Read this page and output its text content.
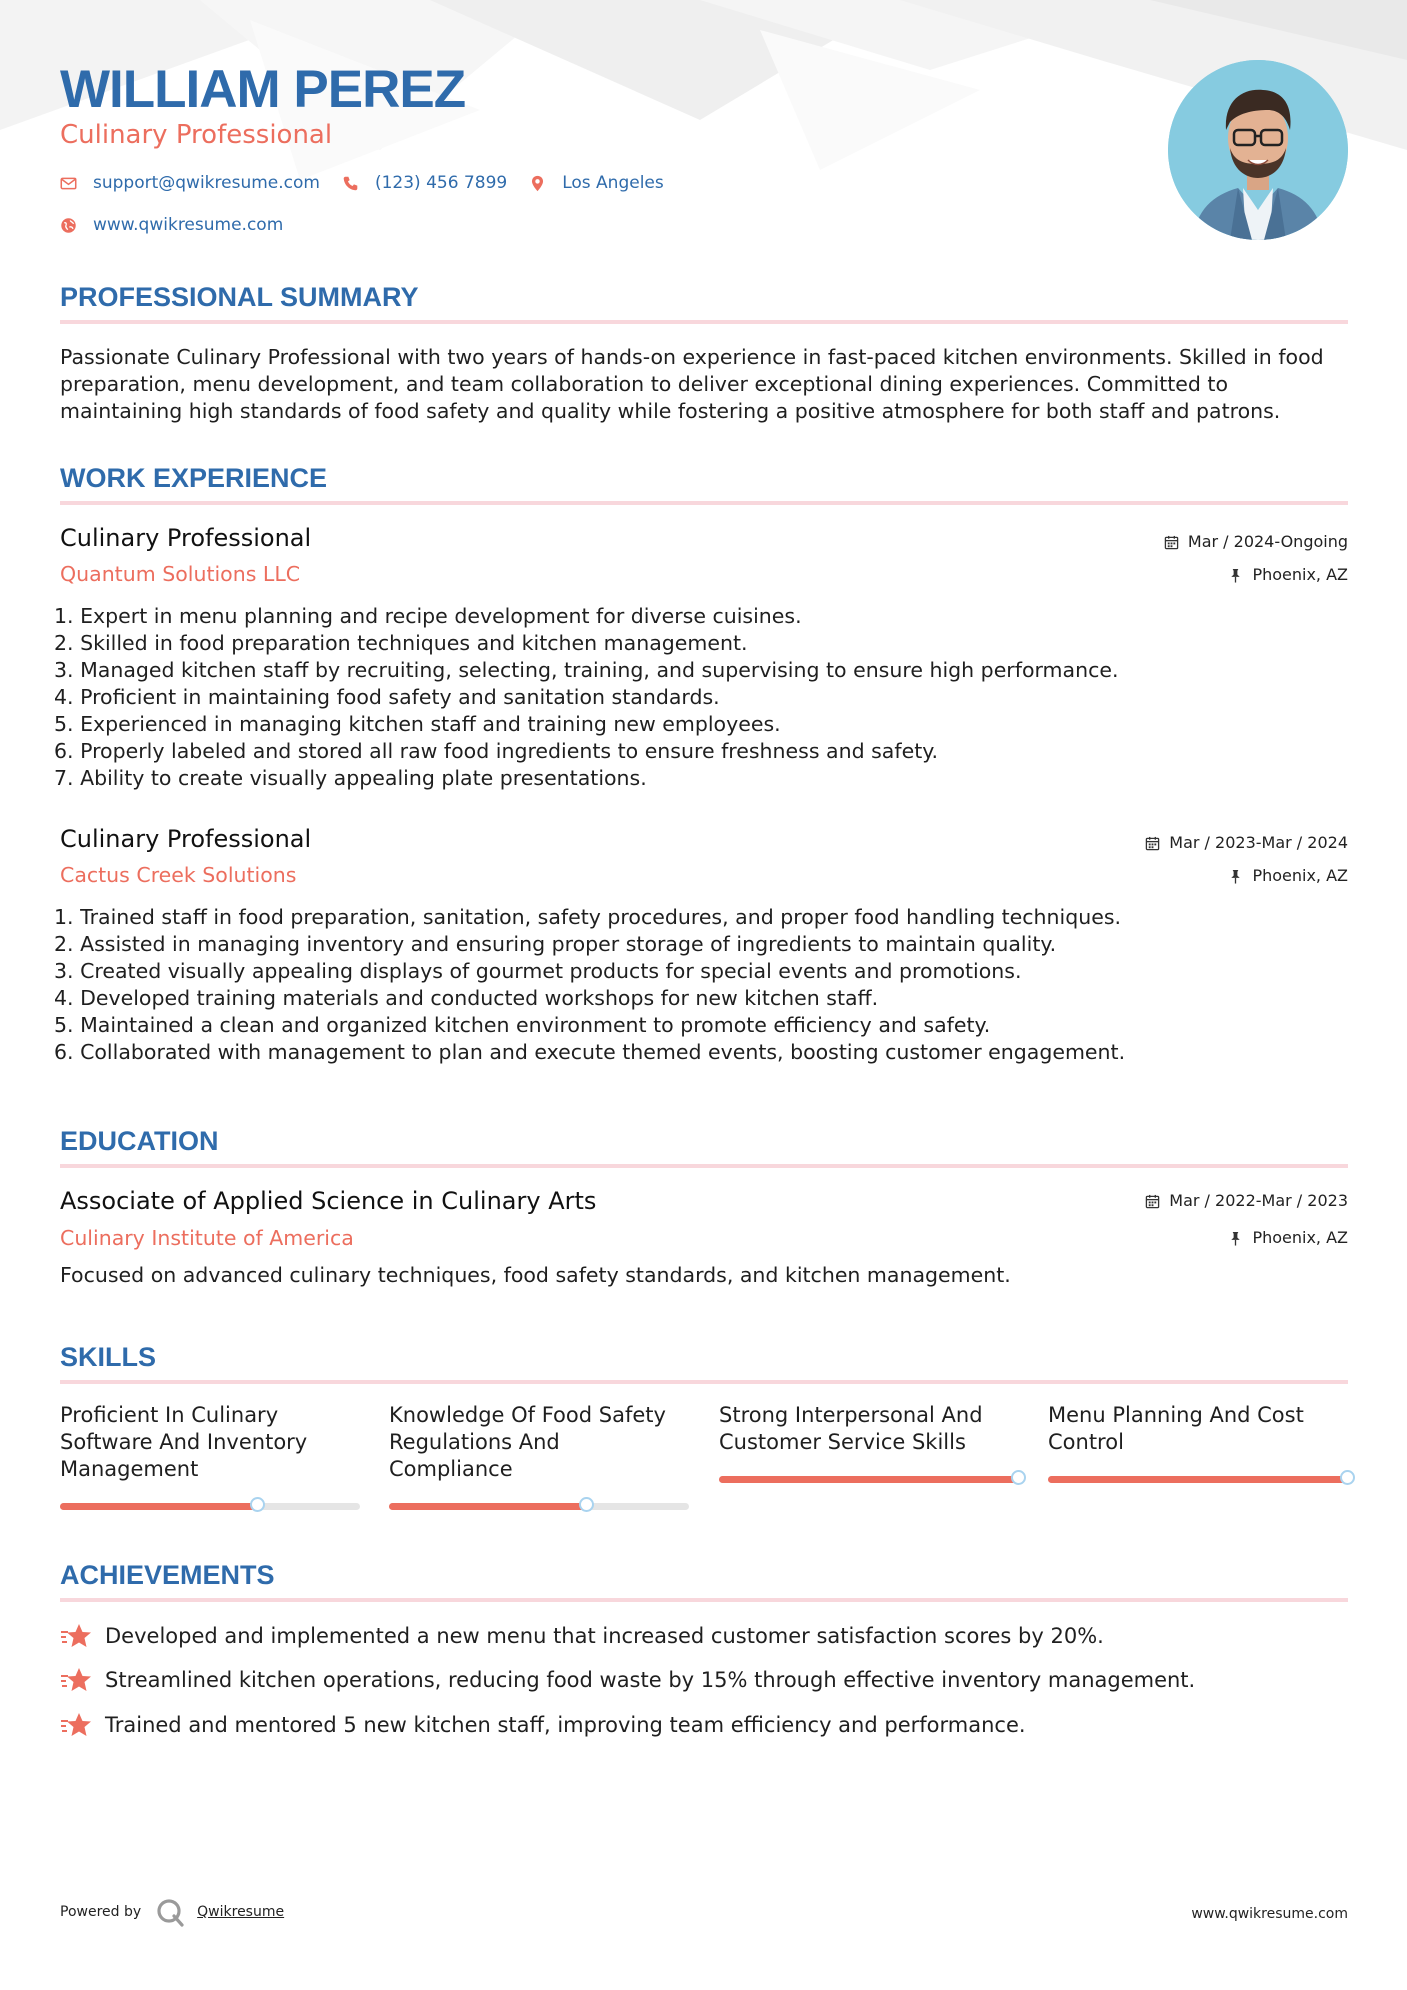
WILLIAM PEREZ
Culinary Professional
support@qwikresume.com	(123) 456 7899	Los Angeles
www.qwikresume.com
PROFESSIONAL SUMMARY

Passionate Culinary Professional with two years of hands-on experience in fast-paced kitchen environments. Skilled in food preparation, menu development, and team collaboration to deliver exceptional dining experiences. Committed to maintaining high standards of food safety and quality while fostering a positive atmosphere for both staff and patrons.

WORK EXPERIENCE
Culinary Professional
Quantum Solutions LLC
Mar / 2024-Ongoing
Phoenix, AZ
1. Expert in menu planning and recipe development for diverse cuisines.
2. Skilled in food preparation techniques and kitchen management.
3. Managed kitchen staff by recruiting, selecting, training, and supervising to ensure high performance.
4. Proficient in maintaining food safety and sanitation standards.
5. Experienced in managing kitchen staff and training new employees.
6. Properly labeled and stored all raw food ingredients to ensure freshness and safety.
7. Ability to create visually appealing plate presentations.
Culinary Professional
Cactus Creek Solutions
Mar / 2023-Mar / 2024
Phoenix, AZ
1. Trained staff in food preparation, sanitation, safety procedures, and proper food handling techniques.
2. Assisted in managing inventory and ensuring proper storage of ingredients to maintain quality.
3. Created visually appealing displays of gourmet products for special events and promotions.
4. Developed training materials and conducted workshops for new kitchen staff.
5. Maintained a clean and organized kitchen environment to promote efficiency and safety.
6. Collaborated with management to plan and execute themed events, boosting customer engagement.
EDUCATION
Associate of Applied Science in Culinary Arts
Culinary Institute of America
Mar / 2022-Mar / 2023
Phoenix, AZ

Focused on advanced culinary techniques, food safety standards, and kitchen management.

SKILLS
Proficient In Culinary Software And Inventory Management
Knowledge Of Food Safety Regulations And Compliance
Strong Interpersonal And Customer Service Skills
Menu Planning And Cost Control
ACHIEVEMENTS
Developed and implemented a new menu that increased customer satisfaction scores by 20%.
Streamlined kitchen operations, reducing food waste by 15% through effective inventory management.
Trained and mentored 5 new kitchen staff, improving team efficiency and performance.
Powered by	Qwikresume	www.qwikresume.com
